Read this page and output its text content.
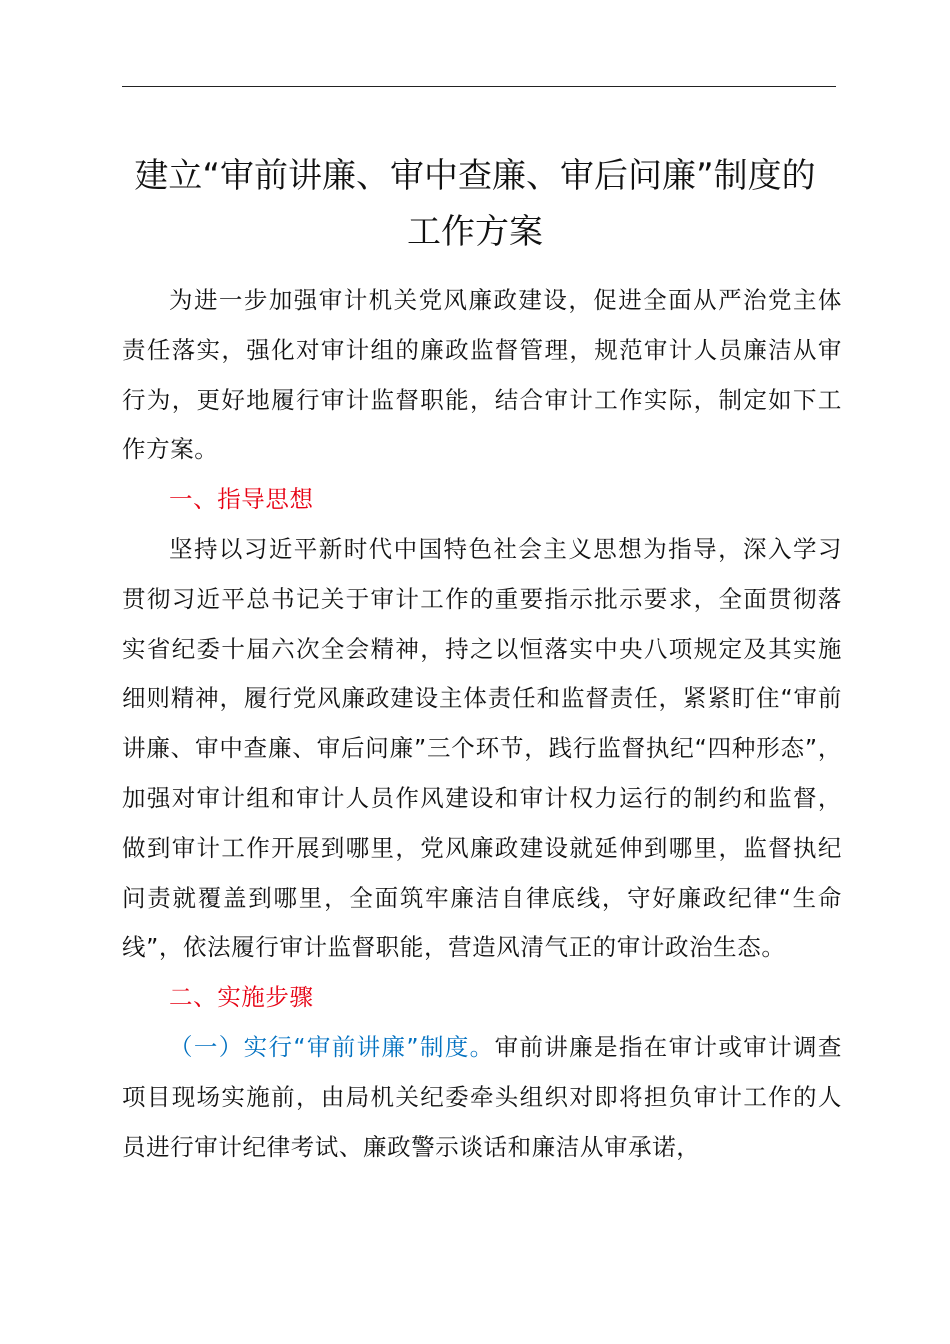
建立“审前讲廉、审中查廉、审后问廉”制度的
工作方案

为进一步加强审计机关党风廉政建设，促进全面从严治党主体责任落实，强化对审计组的廉政监督管理，规范审计人员廉洁从审行为，更好地履行审计监督职能，结合审计工作实际，制定如下工作方案。

一、指导思想

坚持以习近平新时代中国特色社会主义思想为指导，深入学习贯彻习近平总书记关于审计工作的重要指示批示要求，全面贯彻落实省纪委十届六次全会精神，持之以恒落实中央八项规定及其实施细则精神，履行党风廉政建设主体责任和监督责任，紧紧盯住“审前讲廉、审中查廉、审后问廉”三个环节，践行监督执纪“四种形态”，加强对审计组和审计人员作风建设和审计权力运行的制约和监督，做到审计工作开展到哪里，党风廉政建设就延伸到哪里，监督执纪问责就覆盖到哪里，全面筑牢廉洁自律底线，守好廉政纪律“生命线”，依法履行审计监督职能，营造风清气正的审计政治生态。

二、实施步骤

（一）实行“审前讲廉”制度。审前讲廉是指在审计或审计调查项目现场实施前，由局机关纪委牵头组织对即将担负审计工作的人员进行审计纪律考试、廉政警示谈话和廉洁从审承诺，
